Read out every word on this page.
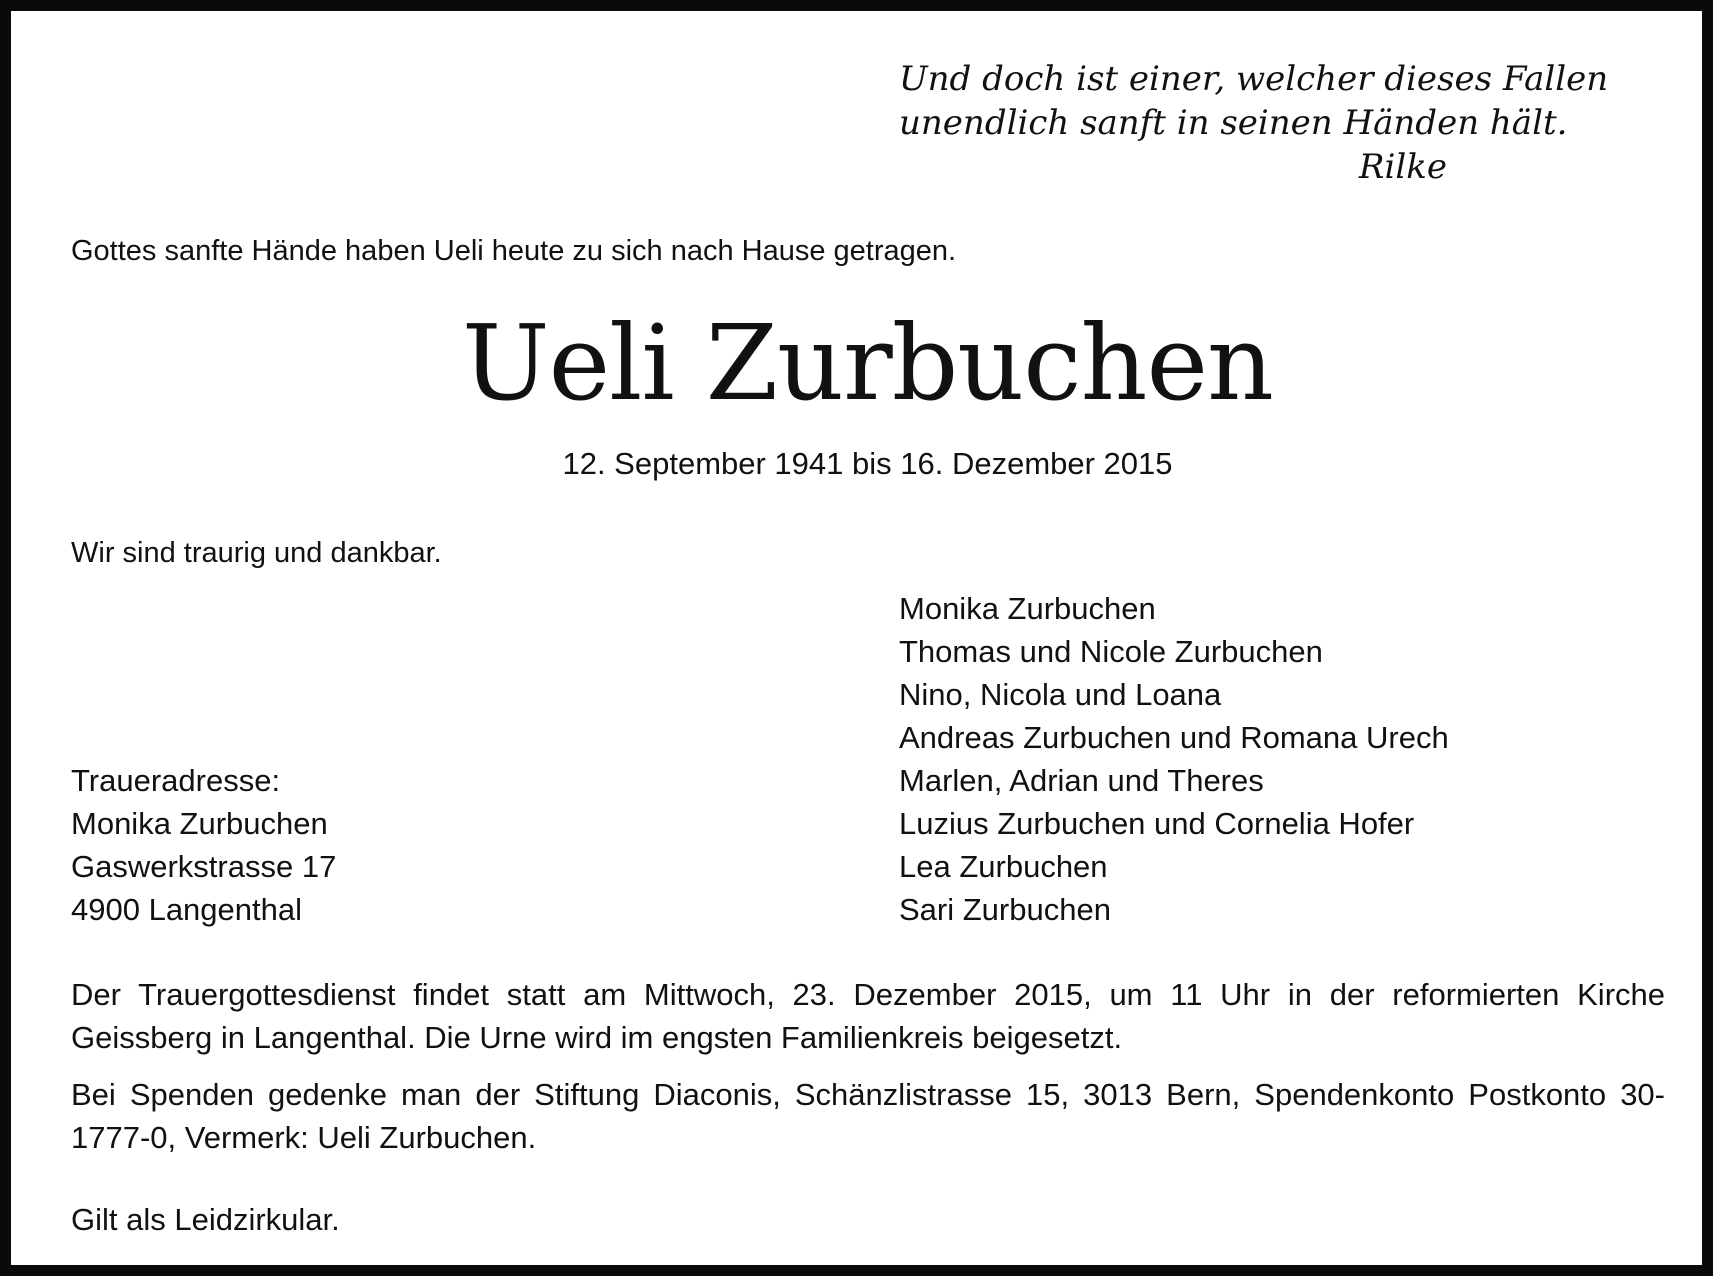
Und doch ist einer, welcher dieses Fallen
unendlich sanft in seinen Händen hält.
Rilke
Gottes sanfte Hände haben Ueli heute zu sich nach Hause getragen.
Ueli Zurbuchen
12. September 1941 bis 16. Dezember 2015
Wir sind traurig und dankbar.
Monika Zurbuchen
Thomas und Nicole Zurbuchen
Nino, Nicola und Loana
Andreas Zurbuchen und Romana Urech
Marlen, Adrian und Theres
Luzius Zurbuchen und Cornelia Hofer
Lea Zurbuchen
Sari Zurbuchen
Traueradresse:
Monika Zurbuchen
Gaswerkstrasse 17
4900 Langenthal
Der Trauergottesdienst findet statt am Mittwoch, 23. Dezember 2015, um 11 Uhr in der reformierten Kirche Geissberg in Langenthal. Die Urne wird im engsten Familienkreis beigesetzt.
Bei Spenden gedenke man der Stiftung Diaconis, Schänzlistrasse 15, 3013 Bern, Spendenkonto Postkonto 30-1777-0, Vermerk: Ueli Zurbuchen.
Gilt als Leidzirkular.
